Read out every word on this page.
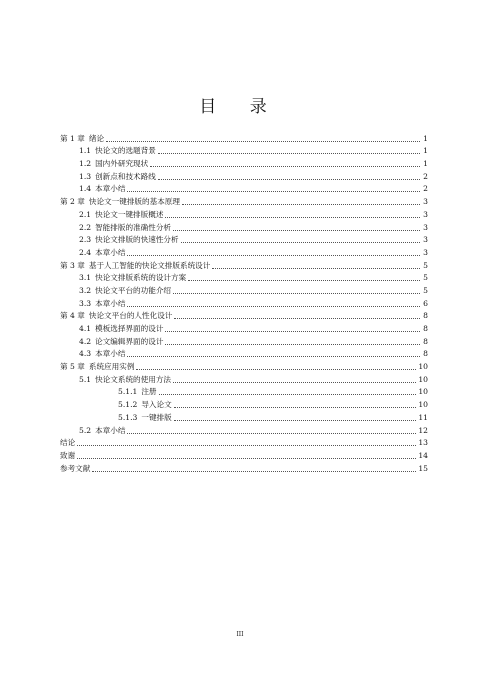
目 录
第 1 章 绪论	1
1.1 快论文的选题背景	1
1.2 国内外研究现状	1
1.3 创新点和技术路线	2
1.4 本章小结	2
第 2 章 快论文一键排版的基本原理	3
2.1 快论文一键排版概述	3
2.2 智能排版的准确性分析	3
2.3 快论文排版的快速性分析	3
2.4 本章小结	3
第 3 章 基于人工智能的快论文排版系统设计	5
3.1 快论文排版系统的设计方案	5
3.2 快论文平台的功能介绍	5
3.3 本章小结	6
第 4 章 快论文平台的人性化设计	8
4.1 模板选择界面的设计	8
4.2 论文编辑界面的设计	8
4.3 本章小结	8
第 5 章 系统应用实例	10
5.1 快论文系统的使用方法	10
5.1.1 注册	10
5.1.2 导入论文	10
5.1.3 一键排版	11
5.2 本章小结	12
结论	13
致谢	14
参考文献	15
III
